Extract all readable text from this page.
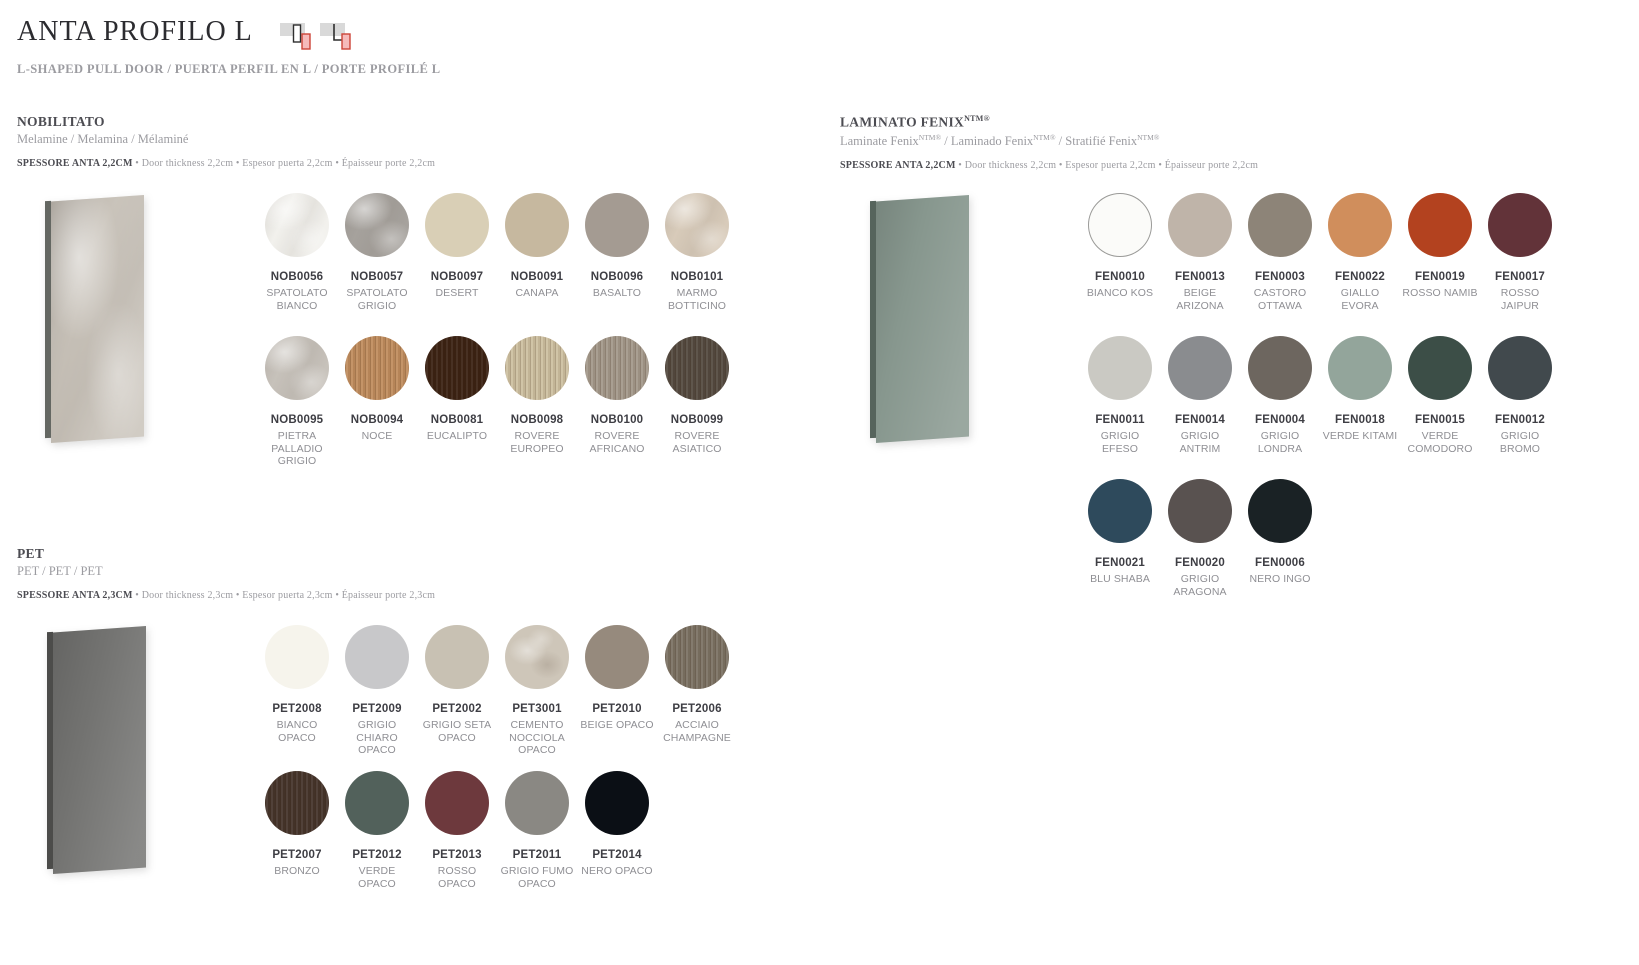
ANTA PROFILO L
L-SHAPED PULL DOOR / PUERTA PERFIL EN L / PORTE PROFILÉ L
NOBILITATO
Melamine / Melamina / Mélaminé
SPESSORE ANTA 2,2CM • Door thickness 2,2cm • Espesor puerta 2,2cm • Épaisseur porte 2,2cm
NOB0056
SPATOLATO BIANCO
NOB0057
SPATOLATO GRIGIO
NOB0097
DESERT
NOB0091
CANAPA
NOB0096
BASALTO
NOB0101
MARMO BOTTICINO
NOB0095
PIETRA PALLADIO GRIGIO
NOB0094
NOCE
NOB0081
EUCALIPTO
NOB0098
ROVERE EUROPEO
NOB0100
ROVERE AFRICANO
NOB0099
ROVERE ASIATICO
LAMINATO $FENIX^{NTM®}$
Laminate Fenix$^{NTM®}$ / Laminado Fenix$^{NTM®}$ / Stratifié Fenix$^{NTM®}$
SPESSORE ANTA 2,2CM • Door thickness 2,2cm • Espesor puerta 2,2cm • Épaisseur porte 2,2cm
FEN0010
BIANCO KOS
FEN0013
BEIGE ARIZONA
FEN0003
CASTORO OTTAWA
FEN0022
GIALLO EVORA
FEN0019
ROSSO NAMIB
FEN0017
ROSSO JAIPUR
FEN0011
GRIGIO EFESO
FEN0014
GRIGIO ANTRIM
FEN0004
GRIGIO LONDRA
FEN0018
VERDE KITAMI
FEN0015
VERDE COMODORO
FEN0012
GRIGIO BROMO
FEN0021
BLU SHABA
FEN0020
GRIGIO ARAGONA
FEN0006
NERO INGO
PET
PET / PET / PET
SPESSORE ANTA 2,3CM • Door thickness 2,3cm • Espesor puerta 2,3cm • Épaisseur porte 2,3cm
PET2008
BIANCO OPACO
PET2009
GRIGIO CHIARO OPACO
PET2002
GRIGIO SETA OPACO
PET3001
CEMENTO NOCCIOLA OPACO
PET2010
BEIGE OPACO
PET2006
ACCIAIO CHAMPAGNE
PET2007
BRONZO
PET2012
VERDE OPACO
PET2013
ROSSO OPACO
PET2011
GRIGIO FUMO OPACO
PET2014
NERO OPACO
